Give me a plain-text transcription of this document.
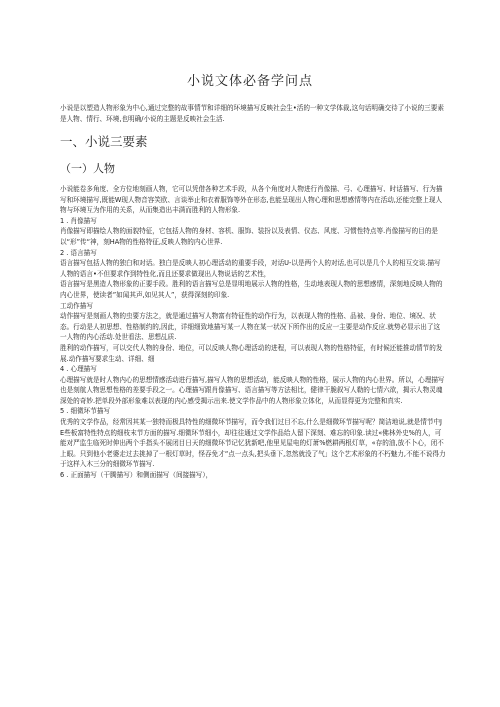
小说文体必备学问点

小说是以塑造人物形象为中心,通过完整的故事情节和详细的环境描写反映社会生•活的一种文学体裁,这句话明确交待了小说的三要素是人物、情行、环境,也明确/小说的主题是反映社会生活.

一、小说三要素
（一）人物

小说能卷多角度、全方位地刻画人物，它可以凭借各种艺术手段，从各个角度对人物进行肖像描、弓、心理描写、时话描写、行为描写和环境描写,既能W现人物音容笑欧、言谈举止和衣着服饰等外在形态,也能呈现出人物心理和思想感情等内在活动,还能完整上现人物与环境互为作用的关系，从而集造出丰满而胜利的人物形象.

1 . 肖像描写

肖像描写即描绘人物的面貌特征，它包括人物的身材、容机、服饰、装扮以及表情、仪态、风度、习惯性特点等.肖像描写的目的是以“形”传“神，刻HA物的性格特征,反映人物的内心世界.

2 . 语言描写

语言描写包括人物的独白和对话。独白是反映人初心理活动的重要手段，对话U-以是两个人的对话,也可以是几个人的相互交谈.描写人物的语言•不但要求作到特性化,而且还要求做现出人物说话的艺术性，

语言描写是黑造人物形象的正要手段。胜利的语言描写总是显明地展示人物的性格，生动地表现人物的思想感情，深刻地反映人物的内心世界，使读者”如闻其声,如见其人”，获得深刻的印象.

工动作描写

动作描写是刻画人物的虫要方法之，就是通过描写人物富有特征性的动作行为，以表现人物的性格、品被、身份、地位、境况、状态。行动是人初思想、性格制约的,因此，详细细致地描写某一人物在某一状况下所作出的反应一主要是动作反应.就势必显示出了这一人物的内心活动.处世看法、思想乩质.

胜利的动作描写，可以交代人物的身份、地位，可以反映人物心理活动的进程，可以表现人物的性格特征，有时候还能推动情节的发展.动作描写要求生动、详细、细

4 . 心理描写

心理描写就是时人物内心的思想情感活动进行描写,描写人物的思想活动，能反映人物的性格，展示人物的内心世界。所以，心理描写也是刻航人物思想性格的差要手段之一。心理描写跟肖像描写、语言描写等方法相比，健律干脆叙写人勒的七情六欲，揭示人物灵魂深处的奇妙.把单段外部形象难以表现的内心感受揭示出来.使文学作品中的人物形象立体化，从而显得更为完整和真实.

5 . 细微环节描写

优秀的文学作品，经常因其某一独特而极具特性的细微环节描写，而令我们过目不忘,什么是细微环节描写呢？简洁地说,就是情节中JE些板富特性特点的细枝末节方面的描写.细微环节细小，却往往通过文学作品给人留下深刻、难忘的印象.读过«佛林外史%的人，可能对严监生临死时伸出两个手指头不展闭目日天的细微环节记忆犹新吧,他里见屋电的灯萧%燃耕两根灯草，«存的油,放不卜心，闭不上眼。只到他小老婆走过去挑掉了一根灯草时，怪吞免才“点一点头,把头垂下,忽然就没了气」这个艺术形象的不朽魅力,不能不说得力于这样入木三分的细微环节描写.

6 . 正面描写（干腾描写）和侧面描写（间接描写），
